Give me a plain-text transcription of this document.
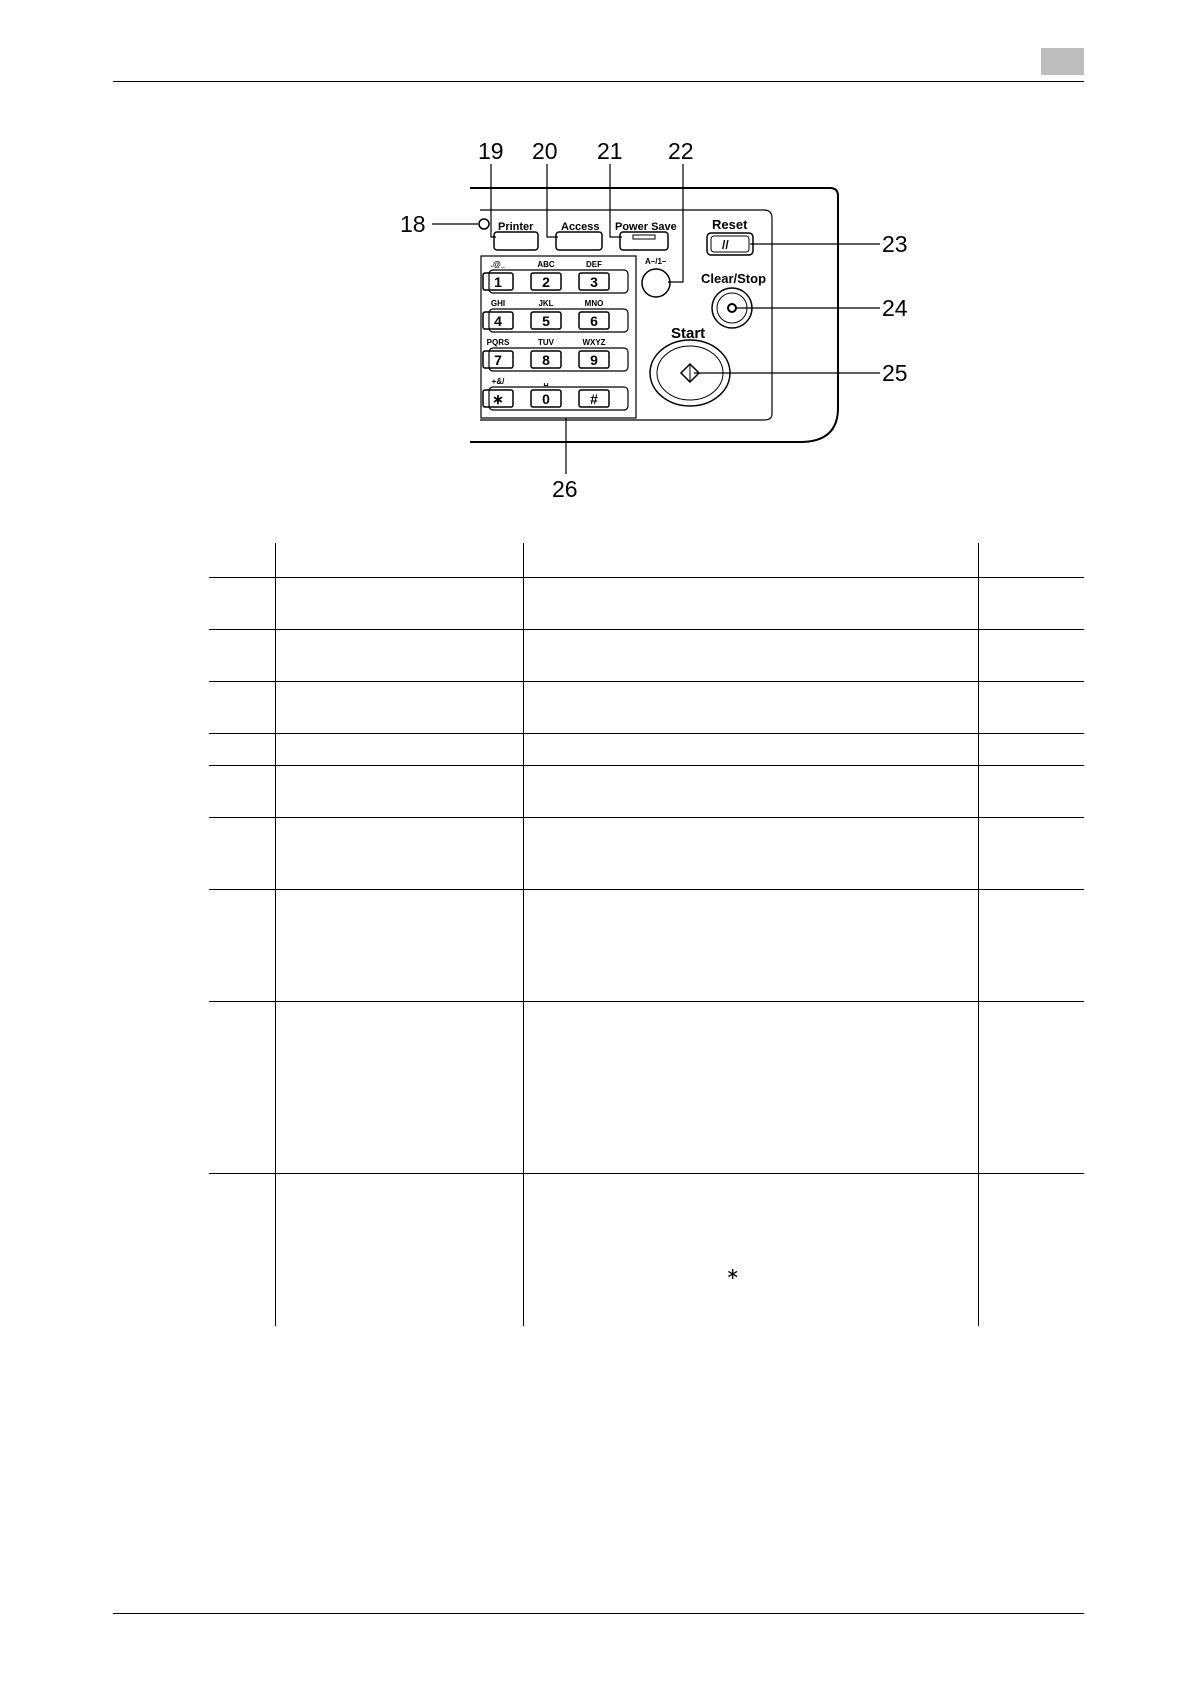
18	Printer	Access Power Save
19 20 21 22
1
.@_
2
ABC
3
DEF
4
GHI
5
JKL
6
MNO
7
PQRS
8
TUV
9
WXYZ
∗
+&/
0
␣
#
A–/1–
Reset
//	23
Clear/Stop
24
Start
25
26

∗
